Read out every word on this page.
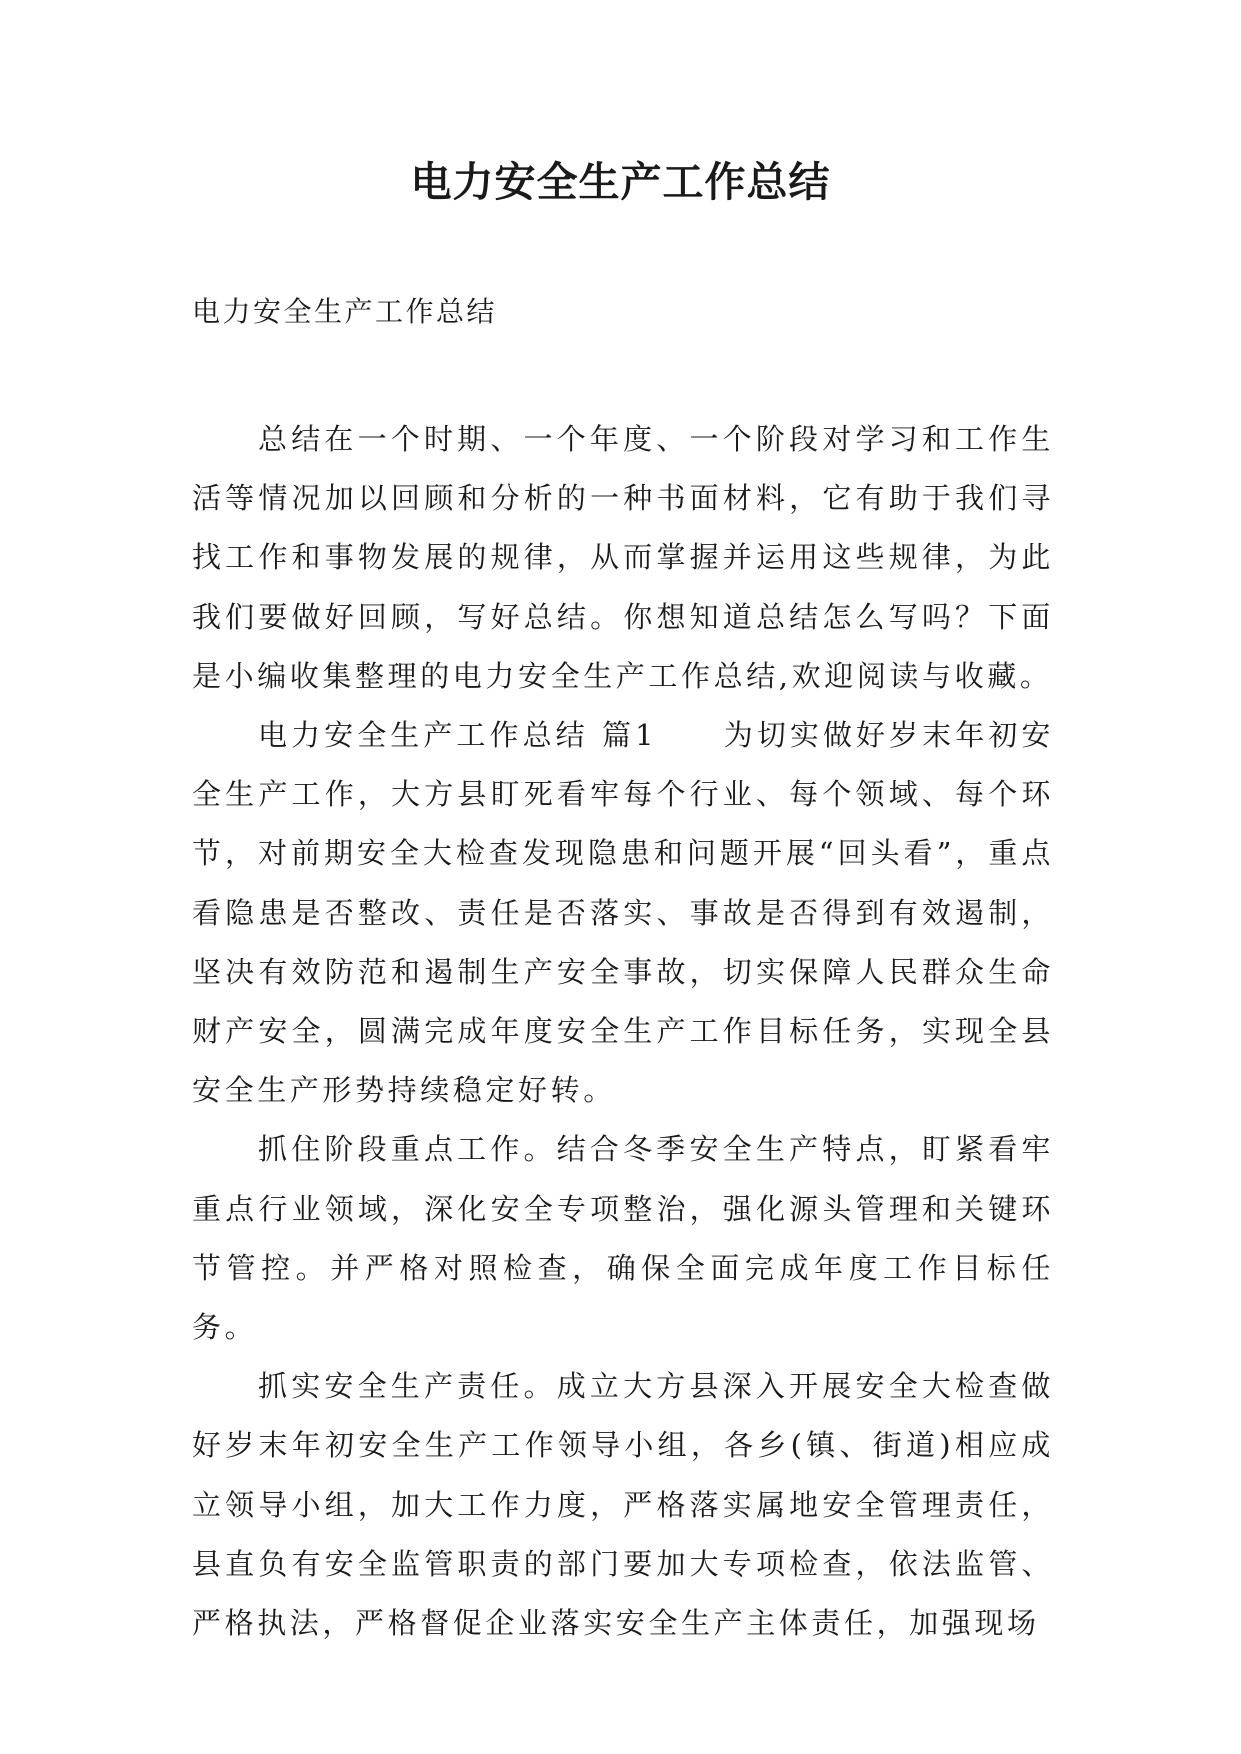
电力安全生产工作总结

电力安全生产工作总结

总结在一个时期、一个年度、一个阶段对学习和工作生活等情况加以回顾和分析的一种书面材料，它有助于我们寻找工作和事物发展的规律，从而掌握并运用这些规律，为此我们要做好回顾，写好总结。你想知道总结怎么写吗？下面是小编收集整理的电力安全生产工作总结,欢迎阅读与收藏。

电力安全生产工作总结 篇1　　为切实做好岁末年初安全生产工作，大方县盯死看牢每个行业、每个领域、每个环节，对前期安全大检查发现隐患和问题开展“回头看”，重点看隐患是否整改、责任是否落实、事故是否得到有效遏制，坚决有效防范和遏制生产安全事故，切实保障人民群众生命财产安全，圆满完成年度安全生产工作目标任务，实现全县安全生产形势持续稳定好转。

抓住阶段重点工作。结合冬季安全生产特点，盯紧看牢重点行业领域，深化安全专项整治，强化源头管理和关键环节管控。并严格对照检查，确保全面完成年度工作目标任务。

抓实安全生产责任。成立大方县深入开展安全大检查做好岁末年初安全生产工作领导小组，各乡(镇、街道)相应成立领导小组，加大工作力度，严格落实属地安全管理责任，县直负有安全监管职责的部门要加大专项检查，依法监管、严格执法，严格督促企业落实安全生产主体责任，加强现场
